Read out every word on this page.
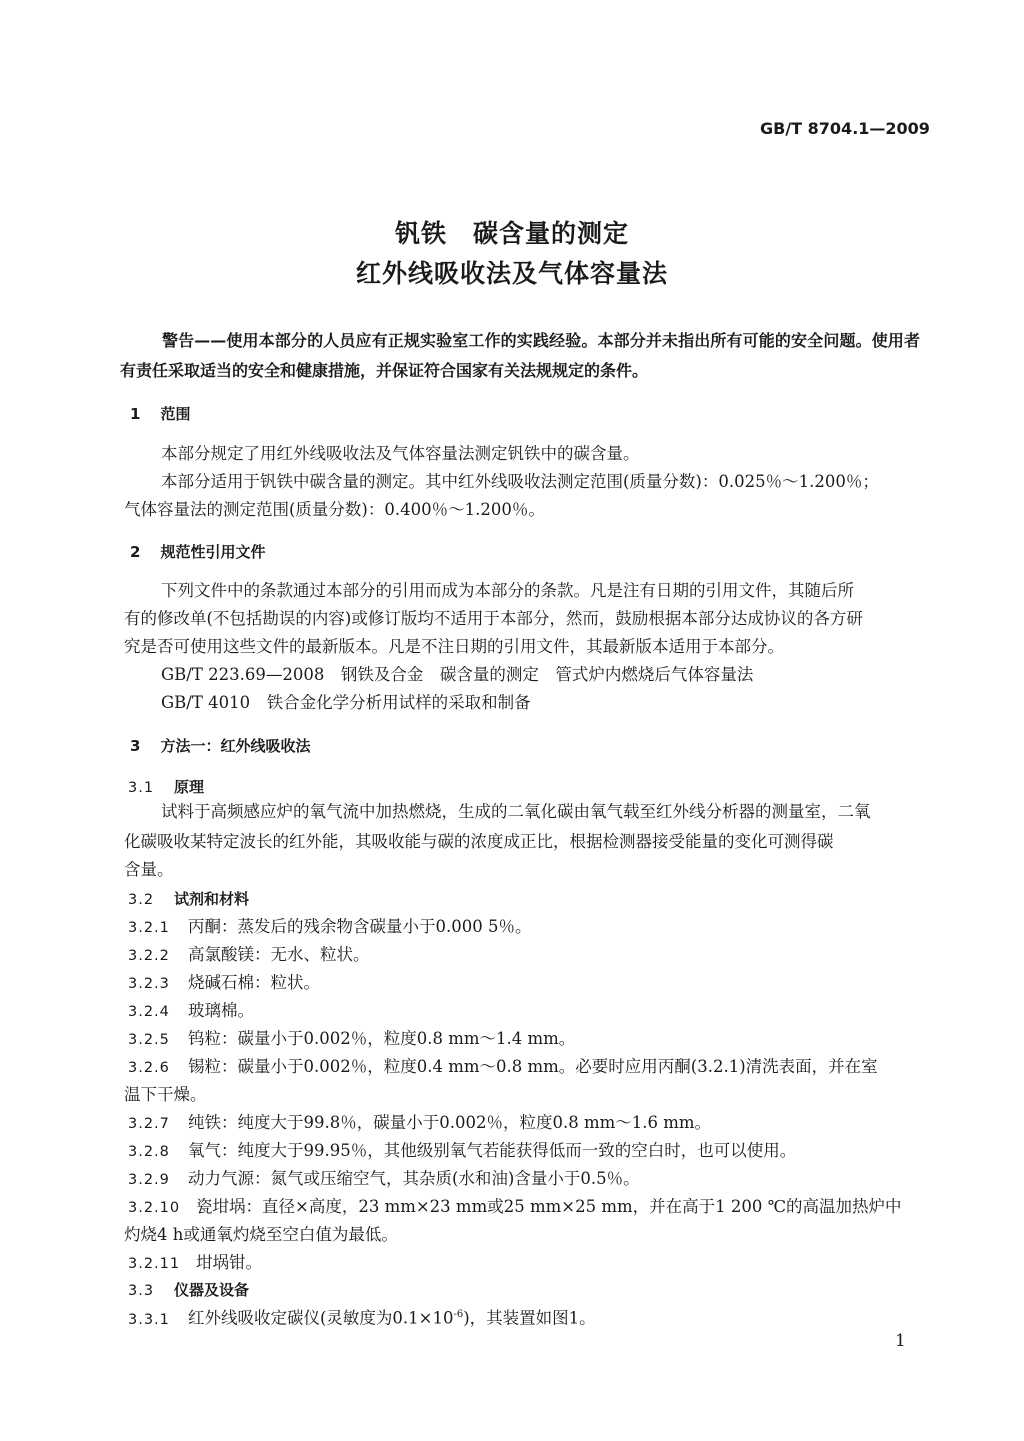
GB/T 8704.1—2009
钒铁　碳含量的测定
红外线吸收法及气体容量法
警告——使用本部分的人员应有正规实验室工作的实践经验。本部分并未指出所有可能的安全问题。使用者有责任采取适当的安全和健康措施，并保证符合国家有关法规规定的条件。
1 范围
本部分规定了用红外线吸收法及气体容量法测定钒铁中的碳含量。
本部分适用于钒铁中碳含量的测定。其中红外线吸收法测定范围(质量分数)：0.025％～1.200％；
气体容量法的测定范围(质量分数)：0.400％～1.200％。
2 规范性引用文件
下列文件中的条款通过本部分的引用而成为本部分的条款。凡是注有日期的引用文件，其随后所
有的修改单(不包括勘误的内容)或修订版均不适用于本部分，然而，鼓励根据本部分达成协议的各方研
究是否可使用这些文件的最新版本。凡是不注日期的引用文件，其最新版本适用于本部分。
GB/T 223.69—2008　钢铁及合金　碳含量的测定　管式炉内燃烧后气体容量法
GB/T 4010　铁合金化学分析用试样的采取和制备
3 方法一：红外线吸收法
3.1 原理
试料于高频感应炉的氧气流中加热燃烧，生成的二氧化碳由氧气载至红外线分析器的测量室，二氧
化碳吸收某特定波长的红外能，其吸收能与碳的浓度成正比，根据检测器接受能量的变化可测得碳
含量。
3.2 试剂和材料
3.2.1 丙酮：蒸发后的残余物含碳量小于0.000 5％。
3.2.2 高氯酸镁：无水、粒状。
3.2.3 烧碱石棉：粒状。
3.2.4 玻璃棉。
3.2.5 钨粒：碳量小于0.002％，粒度0.8 mm～1.4 mm。
3.2.6 锡粒：碳量小于0.002％，粒度0.4 mm～0.8 mm。必要时应用丙酮(3.2.1)清洗表面，并在室
温下干燥。
3.2.7 纯铁：纯度大于99.8％，碳量小于0.002％，粒度0.8 mm～1.6 mm。
3.2.8 氧气：纯度大于99.95％，其他级别氧气若能获得低而一致的空白时，也可以使用。
3.2.9 动力气源：氮气或压缩空气，其杂质(水和油)含量小于0.5％。
3.2.10 瓷坩埚：直径×高度，23 mm×23 mm或25 mm×25 mm，并在高于1 200 ℃的高温加热炉中
灼烧4 h或通氧灼烧至空白值为最低。
3.2.11 坩埚钳。
3.3 仪器及设备
3.3.1 红外线吸收定碳仪(灵敏度为$0.1\times 10^{-6}$)，其装置如图1。
1
